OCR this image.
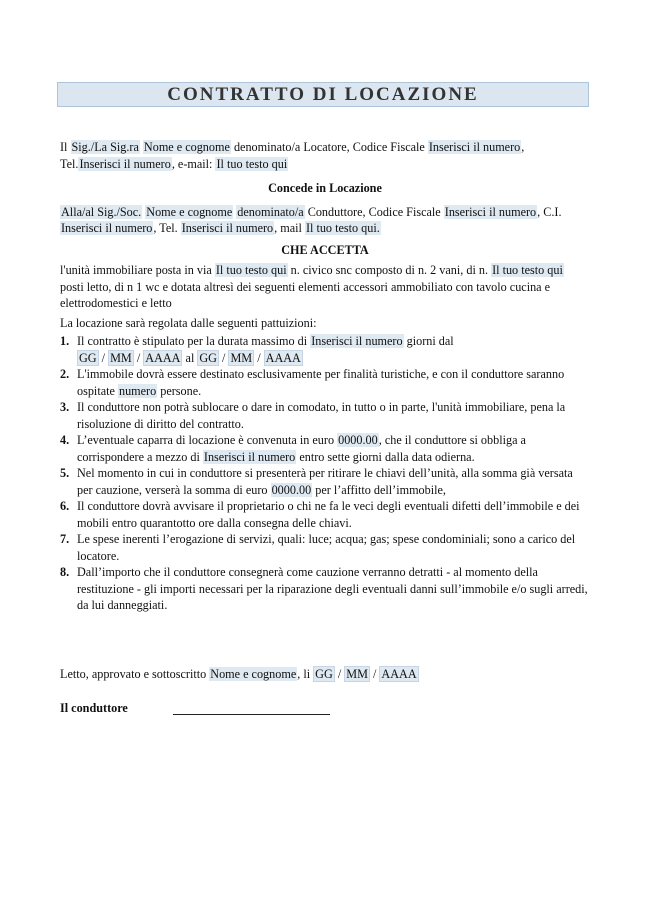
CONTRATTO DI LOCAZIONE

Il Sig./La Sig.ra Nome e cognome denominato/a Locatore, Codice Fiscale Inserisci il numero,
Tel.Inserisci il numero, e-mail: Il tuo testo qui

Concede in Locazione

Alla/al Sig./Soc. Nome e cognome denominato/a Conduttore, Codice Fiscale Inserisci il numero, C.I.
Inserisci il numero, Tel. Inserisci il numero, mail Il tuo testo qui.

CHE ACCETTA

l'unità immobiliare posta in via Il tuo testo qui n. civico snc composto di n. 2 vani, di n. Il tuo testo qui
posti letto, di n 1 wc e dotata altresì dei seguenti elementi accessori ammobiliato con tavolo cucina e elettrodomestici e letto

La locazione sarà regolata dalle seguenti pattuizioni:

1. Il contratto è stipulato per la durata massimo di Inserisci il numero giorni dal
GG / MM / AAAA al GG / MM / AAAA
2. L'immobile dovrà essere destinato esclusivamente per finalità turistiche, e con il conduttore saranno ospitate numero persone.
3. Il conduttore non potrà sublocare o dare in comodato, in tutto o in parte, l'unità immobiliare, pena la risoluzione di diritto del contratto.
4. L’eventuale caparra di locazione è convenuta in euro 0000.00, che il conduttore si obbliga a corrispondere a mezzo di Inserisci il numero entro sette giorni dalla data odierna.
5. Nel momento in cui in conduttore si presenterà per ritirare le chiavi dell’unità, alla somma già versata per cauzione, verserà la somma di euro 0000.00 per l’affitto dell’immobile,
6. Il conduttore dovrà avvisare il proprietario o chi ne fa le veci degli eventuali difetti dell’immobile e dei mobili entro quarantotto ore dalla consegna delle chiavi.
7. Le spese inerenti l’erogazione di servizi, quali: luce; acqua; gas; spese condominiali; sono a carico del locatore.
8. Dall’importo che il conduttore consegnerà come cauzione verranno detratti - al momento della restituzione - gli importi necessari per la riparazione degli eventuali danni sull’immobile e/o sugli arredi, da lui danneggiati.
Letto, approvato e sottoscritto Nome e cognome, li GG / MM / AAAA
Il conduttore
